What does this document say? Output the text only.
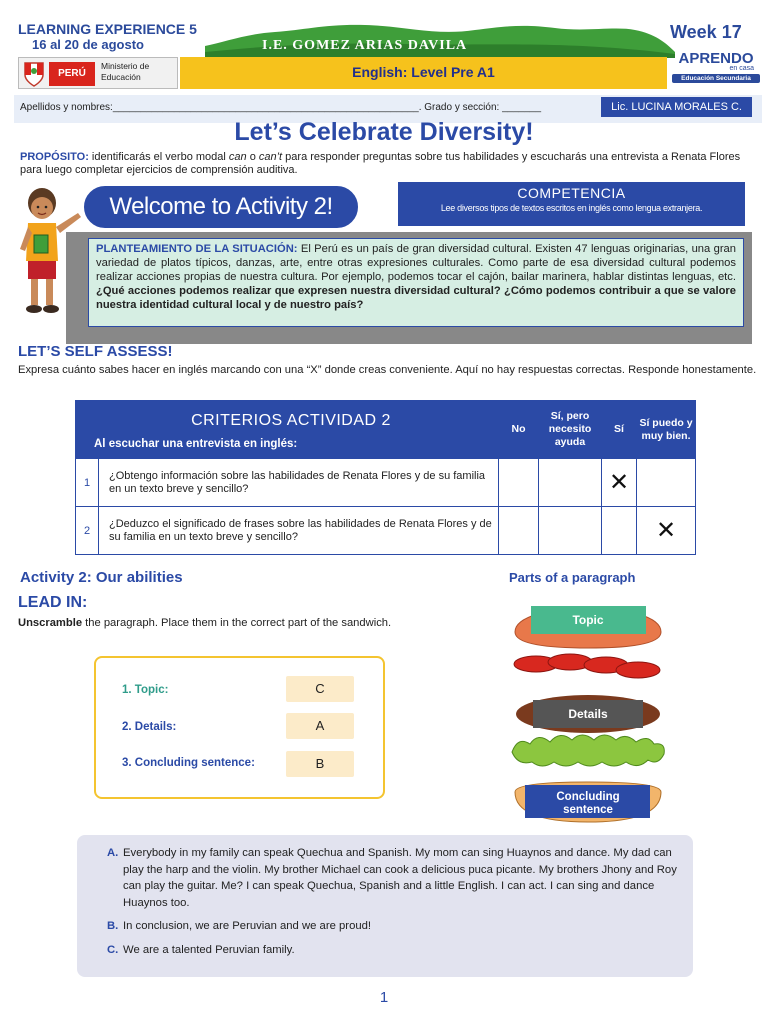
LEARNING EXPERIENCE 5
16 al 20 de agosto	I.E. GOMEZ ARIAS DAVILA
Week 17
PERÚ
Ministerio de Educación	English: Level Pre A1
APRENDO
en casa
Educación Secundaria
Apellidos y nombres:_______________________________________________________. Grado y sección: _______	Lic. LUCINA MORALES C.
Let’s Celebrate Diversity!
PROPÓSITO: identificarás el verbo modal can o can’t para responder preguntas sobre tus habilidades y escucharás una entrevista a Renata Flores para luego completar ejercicios de comprensión auditiva.
Welcome to Activity 2!	COMPETENCIA
Lee diversos tipos de textos escritos en inglés como lengua extranjera.
PLANTEAMIENTO DE LA SITUACIÓN: El Perú es un país de gran diversidad cultural. Existen 47 lenguas originarias, una gran variedad de platos típicos, danzas, arte, entre otras expresiones culturales. Como parte de esa diversidad cultural podemos realizar acciones propias de nuestra cultura. Por ejemplo, podemos tocar el cajón, bailar marinera, hablar distintas lenguas, etc. ¿Qué acciones podemos realizar que expresen nuestra diversidad cultural? ¿Cómo podemos contribuir a que se valore nuestra identidad cultural local y de nuestro país?
LET’S SELF ASSESS!
Expresa cuánto sabes hacer en inglés marcando con una “X” donde creas conveniente. Aquí no hay respuestas correctas. Responde honestamente.
CRITERIOS ACTIVIDAD 2
Al escuchar una entrevista en inglés:		No	Sí, pero necesito ayuda	Sí	Sí puedo y muy bien.
1	¿Obtengo información sobre las habilidades de Renata Flores y de su familia en un texto breve y sencillo?			✕	
2	¿Deduzco el significado de frases sobre las habilidades de Renata Flores y de su familia en un texto breve y sencillo?				✕
Activity 2: Our abilities
LEAD IN:
Unscramble the paragraph. Place them in the correct part of the sandwich.
1. Topic:	C
2. Details:	A
3. Concluding sentence:	B
Parts of a paragraph
Topic
Details
Concluding
sentence
A. Everybody in my family can speak Quechua and Spanish. My mom can sing Huaynos and dance. My dad can play the harp and the violin. My brother Michael can cook a delicious puca picante. My brothers Jhony and Roy can play the guitar. Me? I can speak Quechua, Spanish and a little English. I can act. I can sing and dance Huaynos too.
B. In conclusion, we are Peruvian and we are proud!
C. We are a talented Peruvian family.
1
